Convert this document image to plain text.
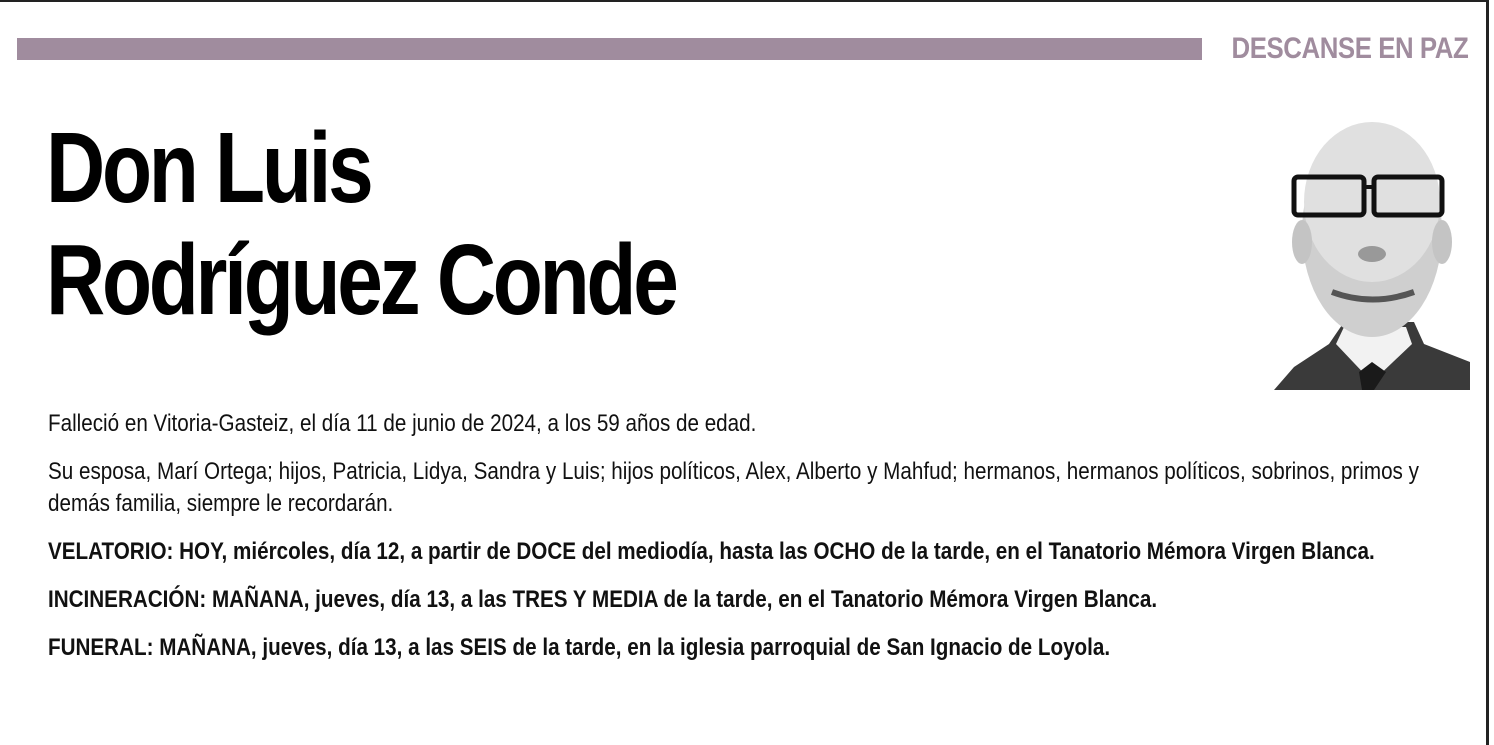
DESCANSE EN PAZ
Don Luis
Rodríguez Conde

Falleció en Vitoria-Gasteiz, el día 11 de junio de 2024, a los 59 años de edad.

Su esposa, Marí Ortega; hijos, Patricia, Lidya, Sandra y Luis; hijos políticos, Alex, Alberto y Mahfud; hermanos, hermanos políticos, sobrinos, primos y demás familia, siempre le recordarán.

VELATORIO: HOY, miércoles, día 12, a partir de DOCE del mediodía, hasta las OCHO de la tarde, en el Tanatorio Mémora Virgen Blanca.

INCINERACIÓN: MAÑANA, jueves, día 13, a las TRES Y MEDIA de la tarde, en el Tanatorio Mémora Virgen Blanca.

FUNERAL: MAÑANA, jueves, día 13, a las SEIS de la tarde, en la iglesia parroquial de San Ignacio de Loyola.
